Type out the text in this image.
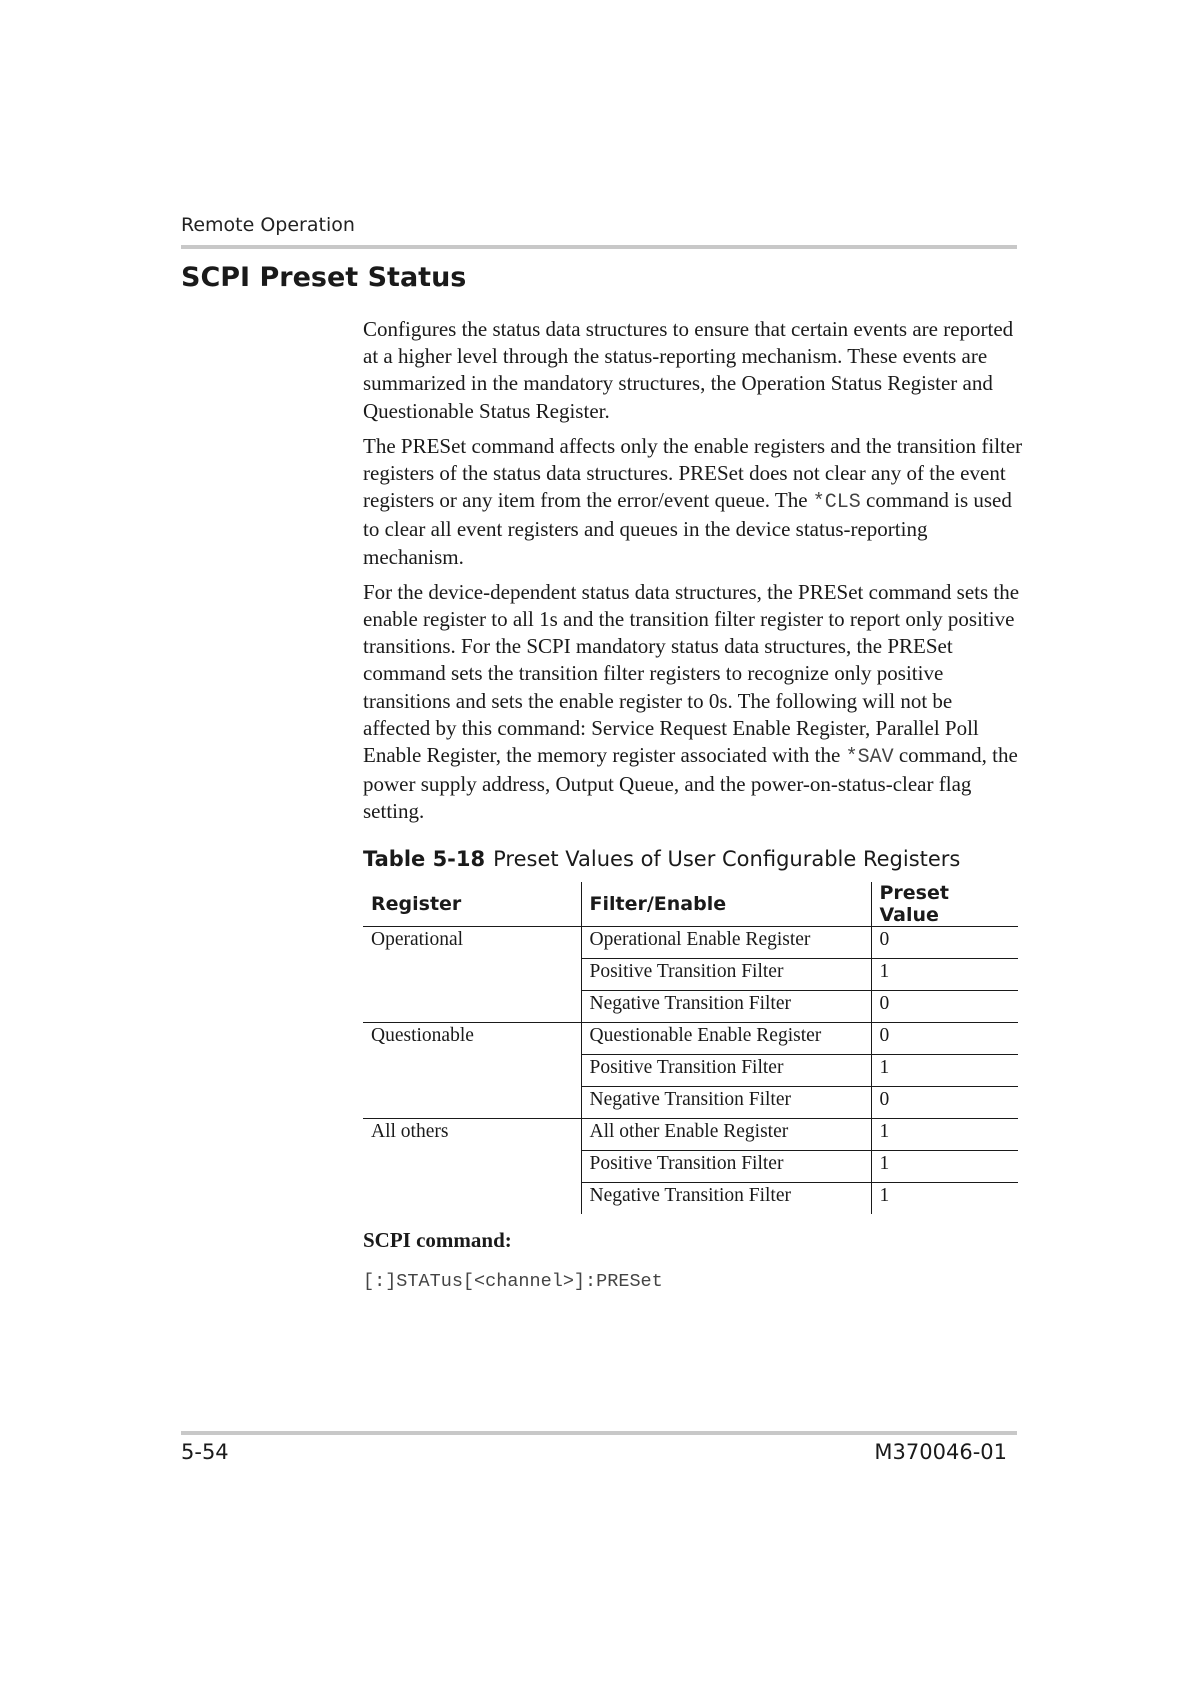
Remote Operation
SCPI Preset Status

Configures the status data structures to ensure that certain events are reported at a higher level through the status-reporting mechanism. These events are summarized in the mandatory structures, the Operation Status Register and Questionable Status Register.

The PRESet command affects only the enable registers and the transition filter registers of the status data structures. PRESet does not clear any of the event registers or any item from the error/event queue. The *CLS command is used to clear all event registers and queues in the device status-reporting mechanism.

For the device-dependent status data structures, the PRESet command sets the enable register to all 1s and the transition filter register to report only positive transitions. For the SCPI mandatory status data structures, the PRESet command sets the transition filter registers to recognize only positive transitions and sets the enable register to 0s. The following will not be affected by this command: Service Request Enable Register, Parallel Poll Enable Register, the memory register associated with the *SAV command, the power supply address, Output Queue, and the power-on-status-clear flag setting.

Table 5-18 Preset Values of User Configurable Registers
Register	Filter/Enable	Preset Value
Operational	Operational Enable Register	0
	Positive Transition Filter	1
	Negative Transition Filter	0
Questionable	Questionable Enable Register	0
	Positive Transition Filter	1
	Negative Transition Filter	0
All others	All other Enable Register	1
	Positive Transition Filter	1
	Negative Transition Filter	1
SCPI command:
[:]STATus[<channel>]:PRESet
5-54	M370046-01
